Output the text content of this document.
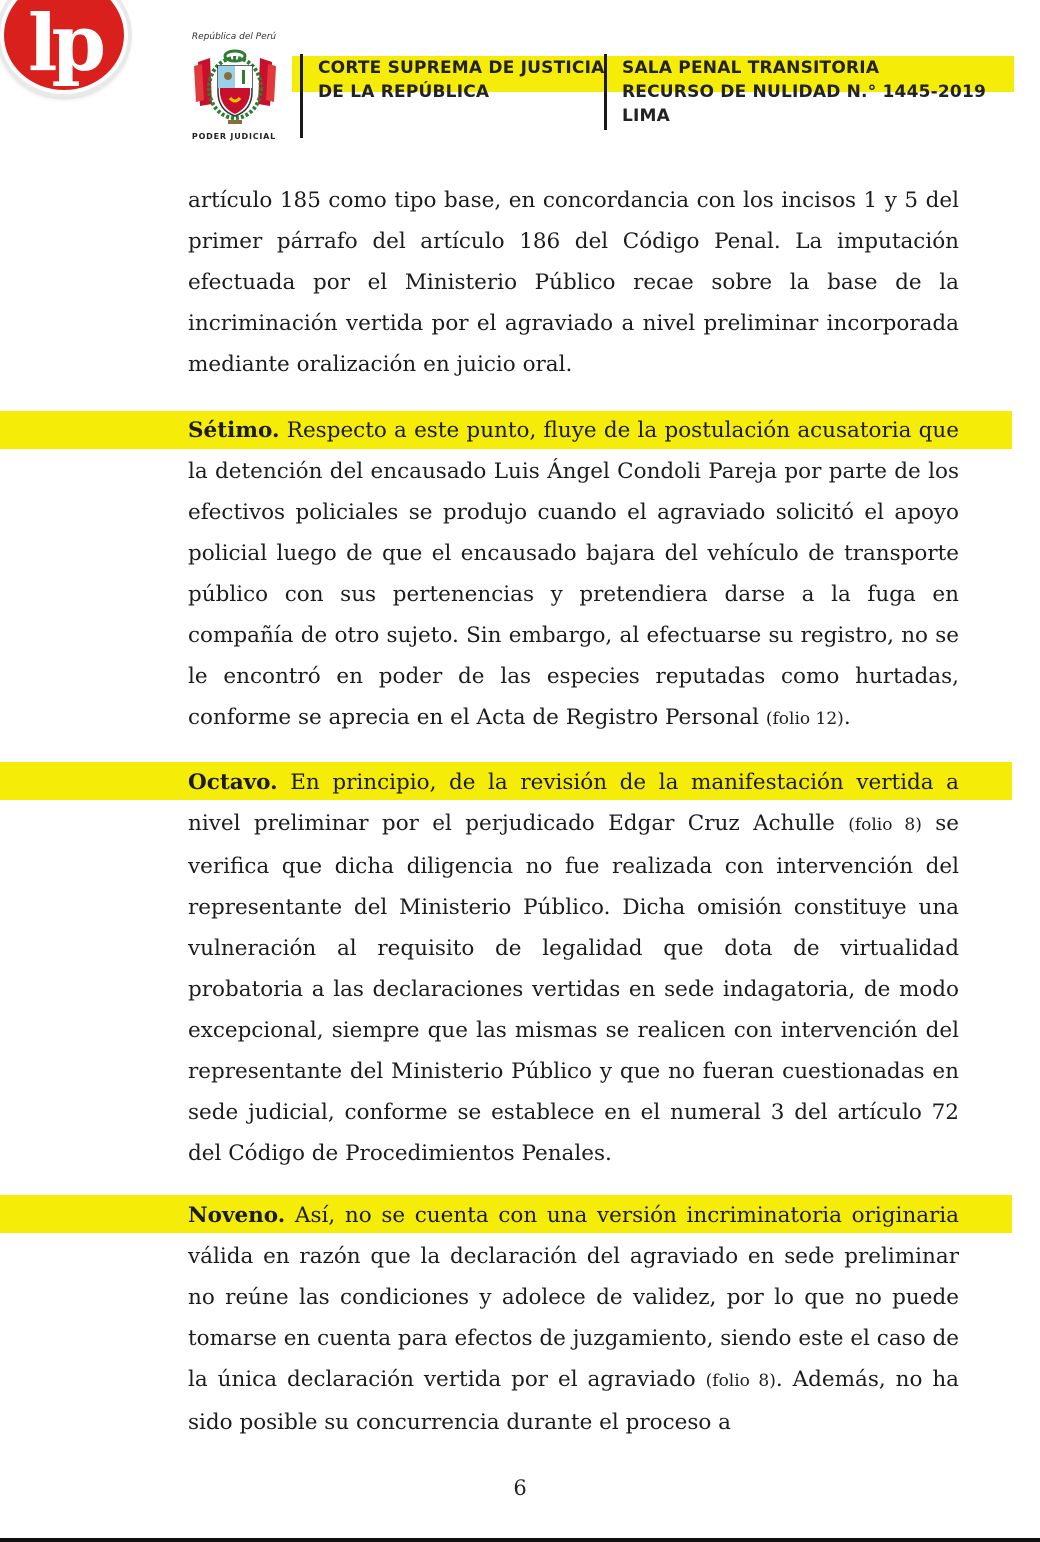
lp	República del Perú
PODER JUDICIAL
CORTE SUPREMA DE JUSTICIA
DE LA REPÚBLICA
SALA PENAL TRANSITORIA
RECURSO DE NULIDAD N.° 1445-2019
LIMA
artículo 185 como tipo base, en concordancia con los incisos 1 y 5 del primer párrafo del artículo 186 del Código Penal. La imputación efectuada por el Ministerio Público recae sobre la base de la incriminación vertida por el agraviado a nivel preliminar incorporada mediante oralización en juicio oral.
Sétimo. Respecto a este punto, fluye de la postulación acusatoria que la detención del encausado Luis Ángel Condoli Pareja por parte de los efectivos policiales se produjo cuando el agraviado solicitó el apoyo policial luego de que el encausado bajara del vehículo de transporte público con sus pertenencias y pretendiera darse a la fuga en compañía de otro sujeto. Sin embargo, al efectuarse su registro, no se le encontró en poder de las especies reputadas como hurtadas, conforme se aprecia en el Acta de Registro Personal (folio 12).
Octavo. En principio, de la revisión de la manifestación vertida a nivel preliminar por el perjudicado Edgar Cruz Achulle (folio 8) se verifica que dicha diligencia no fue realizada con intervención del representante del Ministerio Público. Dicha omisión constituye una vulneración al requisito de legalidad que dota de virtualidad probatoria a las declaraciones vertidas en sede indagatoria, de modo excepcional, siempre que las mismas se realicen con intervención del representante del Ministerio Público y que no fueran cuestionadas en sede judicial, conforme se establece en el numeral 3 del artículo 72 del Código de Procedimientos Penales.
Noveno. Así, no se cuenta con una versión incriminatoria originaria válida en razón que la declaración del agraviado en sede preliminar no reúne las condiciones y adolece de validez, por lo que no puede tomarse en cuenta para efectos de juzgamiento, siendo este el caso de la única declaración vertida por el agraviado (folio 8). Además, no ha sido posible su concurrencia durante el proceso a
6
